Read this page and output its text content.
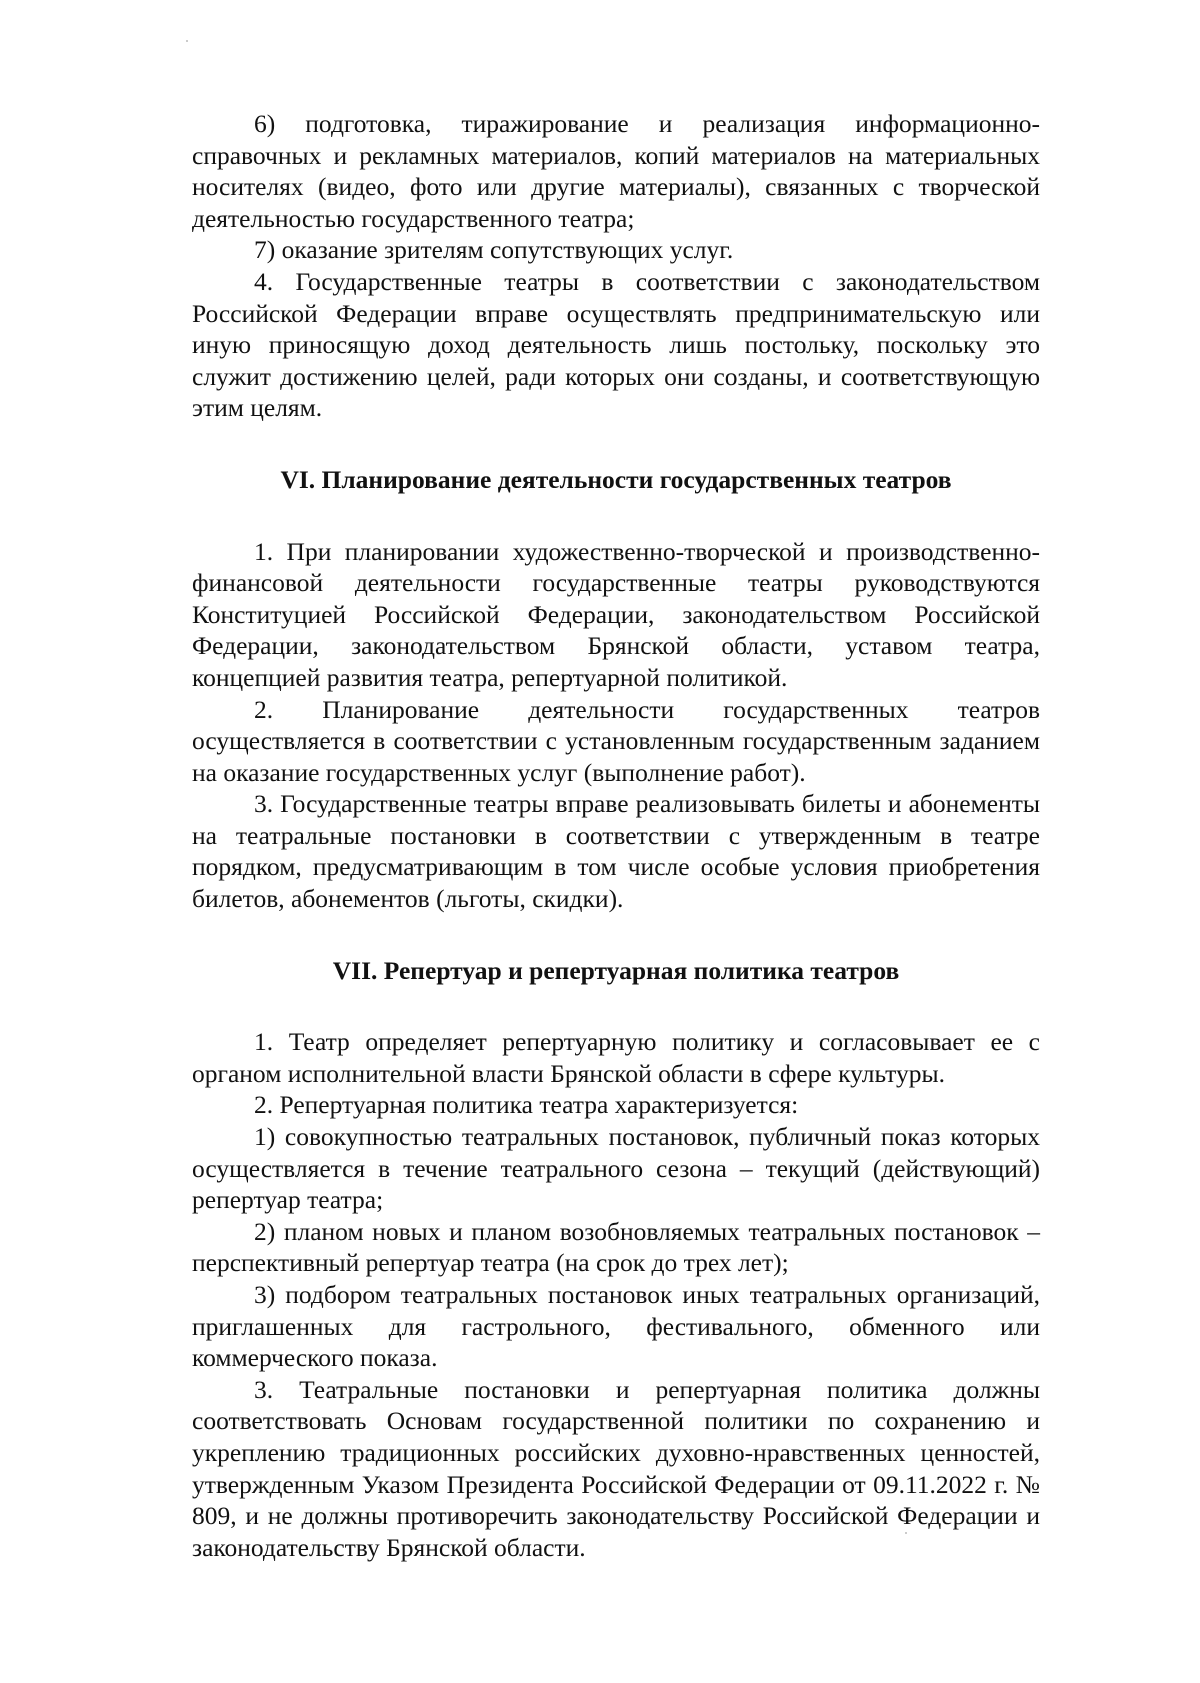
6) подготовка, тиражирование и реализация информационно-справочных и рекламных материалов, копий материалов на материальных носителях (видео, фото или другие материалы), связанных с творческой деятельностью государственного театра;

7) оказание зрителям сопутствующих услуг.

4. Государственные театры в соответствии с законодательством Российской Федерации вправе осуществлять предпринимательскую или иную приносящую доход деятельность лишь постольку, поскольку это служит достижению целей, ради которых они созданы, и соответствующую этим целям.

VI. Планирование деятельности государственных театров

1. При планировании художественно-творческой и производственно-финансовой деятельности государственные театры руководствуются Конституцией Российской Федерации, законодательством Российской Федерации, законодательством Брянской области, уставом театра, концепцией развития театра, репертуарной политикой.

2. Планирование деятельности государственных театров осуществляется в соответствии с установленным государственным заданием на оказание государственных услуг (выполнение работ).

3. Государственные театры вправе реализовывать билеты и абонементы на театральные постановки в соответствии с утвержденным в театре порядком, предусматривающим в том числе особые условия приобретения билетов, абонементов (льготы, скидки).

VII. Репертуар и репертуарная политика театров

1. Театр определяет репертуарную политику и согласовывает ее с органом исполнительной власти Брянской области в сфере культуры.

2. Репертуарная политика театра характеризуется:

1) совокупностью театральных постановок, публичный показ которых осуществляется в течение театрального сезона – текущий (действующий) репертуар театра;

2) планом новых и планом возобновляемых театральных постановок – перспективный репертуар театра (на срок до трех лет);

3) подбором театральных постановок иных театральных организаций, приглашенных для гастрольного, фестивального, обменного или коммерческого показа.

3. Театральные постановки и репертуарная политика должны соответствовать Основам государственной политики по сохранению и укреплению традиционных российских духовно-нравственных ценностей, утвержденным Указом Президента Российской Федерации от 09.11.2022 г. № 809, и не должны противоречить законодательству Российской Федерации и законодательству Брянской области.
